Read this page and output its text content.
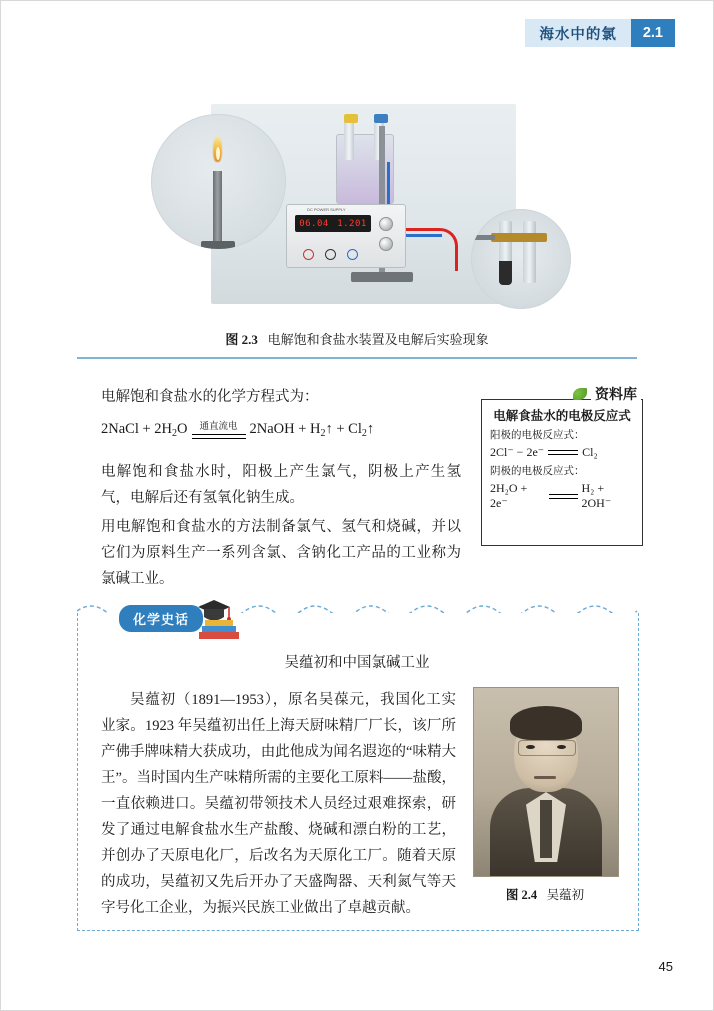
海水中的氯	2.1
DC POWER SUPPLY
06.04 1.201
图 2.3 电解饱和食盐水装置及电解后实验现象
电解饱和食盐水的化学方程式为：
2NaCl + $2H_2O$	通直流电 2NaOH + $H_2↑$ + $Cl_2↑$
电解饱和食盐水时，阳极上产生氯气，阴极上产生氢气，电解后还有氢氧化钠生成。
用电解饱和食盐水的方法制备氯气、氢气和烧碱，并以它们为原料生产一系列含氯、含钠化工产品的工业称为氯碱工业。
电解食盐水的电极反应式
阳极的电极反应式：
2Cl⁻ − 2e⁻	Cl₂
阴极的电极反应式：
2H₂O + 2e⁻
H₂ + 2OH⁻
资料库
化学史话
吴蕴初和中国氯碱工业
吴蕴初（1891—1953），原名吴葆元，我国化工实业家。1923 年吴蕴初出任上海天厨味精厂厂长，该厂所产佛手牌味精大获成功，由此他成为闻名遐迩的“味精大王”。当时国内生产味精所需的主要化工原料——盐酸，一直依赖进口。吴蕴初带领技术人员经过艰难探索，研发了通过电解食盐水生产盐酸、烧碱和漂白粉的工艺，并创办了天原电化厂，后改名为天原化工厂。随着天原的成功，吴蕴初又先后开办了天盛陶器、天利氮气等天字号化工企业，为振兴民族工业做出了卓越贡献。
图 2.4 吴蕴初
45
